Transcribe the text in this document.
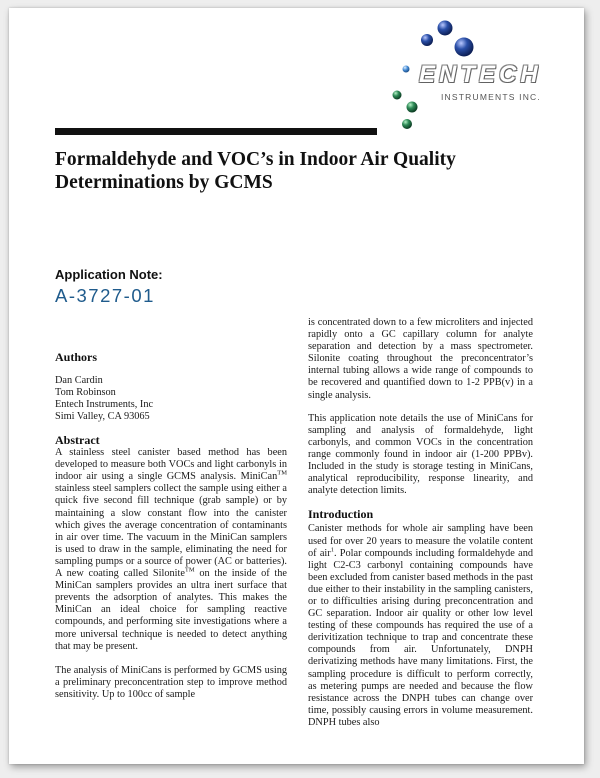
ENTECH
INSTRUMENTS INC.
Formaldehyde and VOC’s in Indoor Air Quality
Determinations by GCMS
Application Note:
A-3727-01
Authors
Dan Cardin
Tom Robinson
Entech Instruments, Inc
Simi Valley, CA 93065
Abstract

A stainless steel canister based method has been developed to measure both VOCs and light carbonyls in indoor air using a single GCMS analysis. MiniCan™ stainless steel samplers collect the sample using either a quick five second fill technique (grab sample) or by maintaining a slow constant flow into the canister which gives the average concentration of contaminants in air over time. The vacuum in the MiniCan samplers is used to draw in the sample, eliminating the need for sampling pumps or a source of power (AC or batteries). A new coating called Silonite™ on the inside of the MiniCan samplers provides an ultra inert surface that prevents the adsorption of analytes. This makes the MiniCan an ideal choice for sampling reactive compounds, and performing site investigations where a more universal technique is needed to detect anything that may be present.

The analysis of MiniCans is performed by GCMS using a preliminary preconcentration step to improve method sensitivity. Up to 100cc of sample

is concentrated down to a few microliters and injected rapidly onto a GC capillary column for analyte separation and detection by a mass spectrometer. Silonite coating throughout the preconcentrator’s internal tubing allows a wide range of compounds to be recovered and quantified down to 1-2 PPB(v) in a single analysis.

This application note details the use of MiniCans for sampling and analysis of formaldehyde, light carbonyls, and common VOCs in the concentration range commonly found in indoor air (1-200 PPBv). Included in the study is storage testing in MiniCans, analytical reproducibility, response linearity, and analyte detection limits.

Introduction

Canister methods for whole air sampling have been used for over 20 years to measure the volatile content of air$^1$. Polar compounds including formaldehyde and light C2-C3 carbonyl containing compounds have been excluded from canister based methods in the past due either to their instability in the sampling canisters, or to difficulties arising during preconcentration and GC separation. Indoor air quality or other low level testing of these compounds has required the use of a derivitization technique to trap and concentrate these compounds from air. Unfortunately, DNPH derivatizing methods have many limitations. First, the sampling procedure is difficult to perform correctly, as metering pumps are needed and because the flow resistance across the DNPH tubes can change over time, possibly causing errors in volume measurement. DNPH tubes also
